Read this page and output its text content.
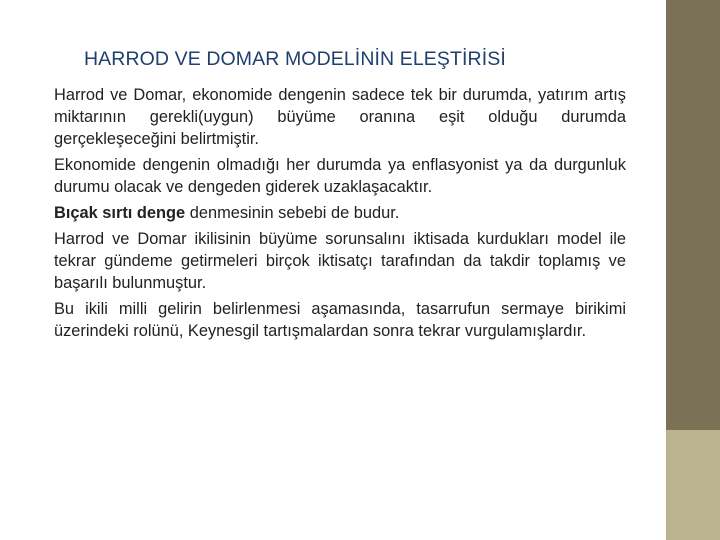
HARROD VE DOMAR MODELİNİN ELEŞTİRİSİ

Harrod ve Domar, ekonomide dengenin sadece tek bir durumda, yatırım artış miktarının gerekli(uygun) büyüme oranına eşit olduğu durumda gerçekleşeceğini belirtmiştir.

Ekonomide dengenin olmadığı her durumda ya enflasyonist ya da durgunluk durumu olacak ve dengeden giderek uzaklaşacaktır.

Bıçak sırtı denge denmesinin sebebi de budur.

Harrod ve Domar ikilisinin büyüme sorunsalını iktisada kurdukları model ile tekrar gündeme getirmeleri birçok iktisatçı tarafından da takdir toplamış ve başarılı bulunmuştur.

Bu ikili milli gelirin belirlenmesi aşamasında, tasarrufun sermaye birikimi üzerindeki rolünü, Keynesgil tartışmalardan sonra tekrar vurgulamışlardır.
